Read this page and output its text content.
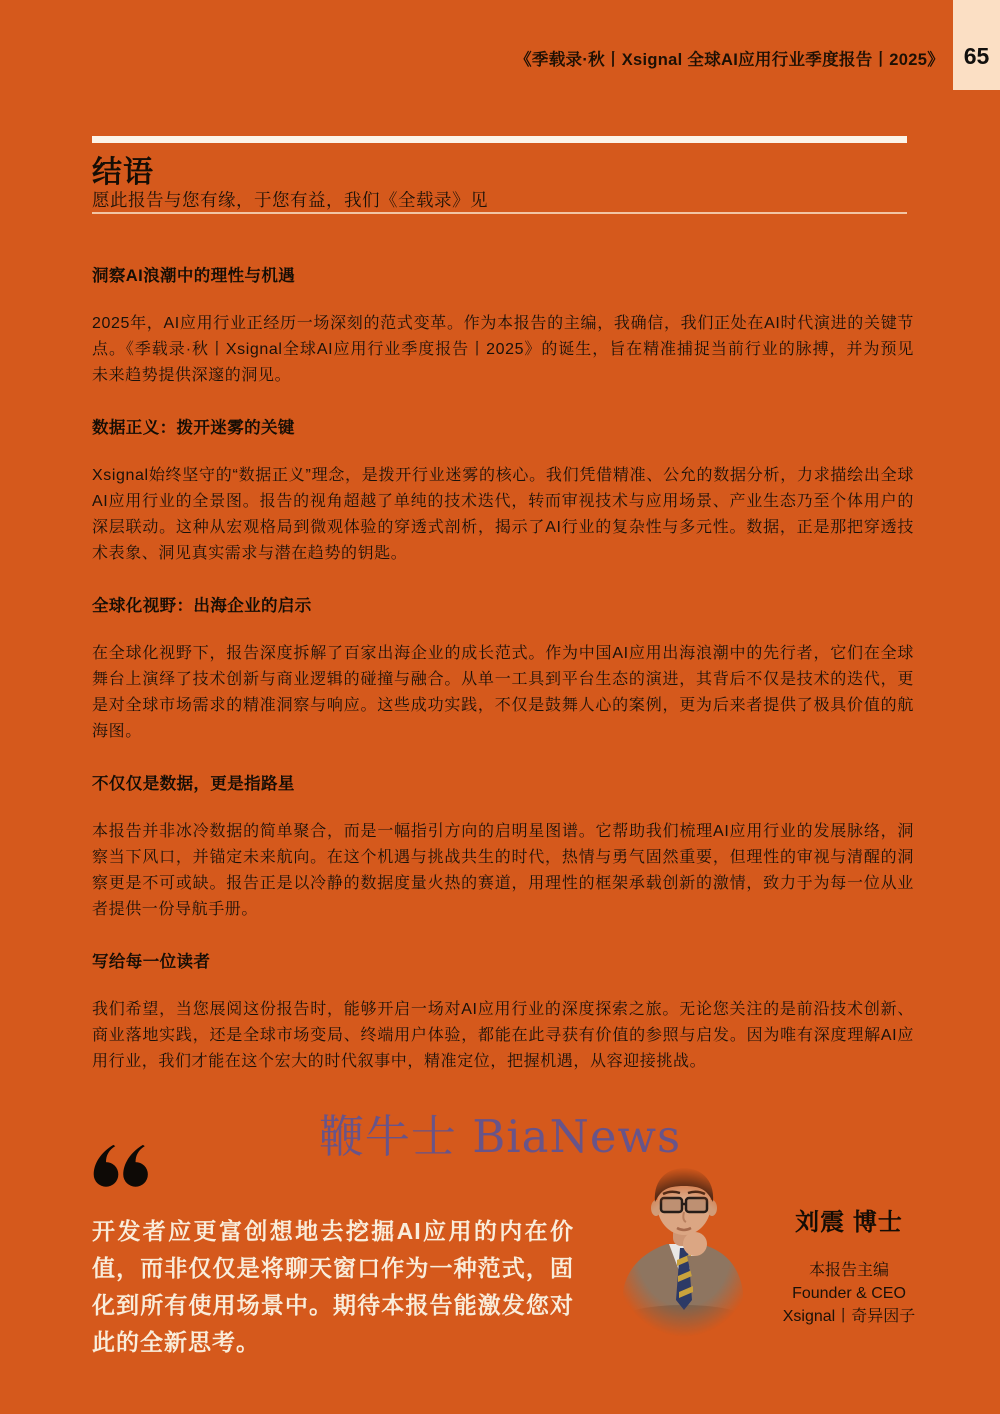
《季载录·秋丨Xsignal 全球AI应用行业季度报告丨2025》 65
结语
愿此报告与您有缘，于您有益，我们《全载录》见
洞察AI浪潮中的理性与机遇

2025年，AI应用行业正经历一场深刻的范式变革。作为本报告的主编，我确信，我们正处在AI时代演进的关键节点。《季载录·秋丨Xsignal全球AI应用行业季度报告丨2025》的诞生，旨在精准捕捉当前行业的脉搏，并为预见未来趋势提供深邃的洞见。

数据正义：拨开迷雾的关键

Xsignal始终坚守的“数据正义”理念，是拨开行业迷雾的核心。我们凭借精准、公允的数据分析，力求描绘出全球AI应用行业的全景图。报告的视角超越了单纯的技术迭代，转而审视技术与应用场景、产业生态乃至个体用户的深层联动。这种从宏观格局到微观体验的穿透式剖析，揭示了AI行业的复杂性与多元性。数据，正是那把穿透技术表象、洞见真实需求与潜在趋势的钥匙。

全球化视野：出海企业的启示

在全球化视野下，报告深度拆解了百家出海企业的成长范式。作为中国AI应用出海浪潮中的先行者，它们在全球舞台上演绎了技术创新与商业逻辑的碰撞与融合。从单一工具到平台生态的演进，其背后不仅是技术的迭代，更是对全球市场需求的精准洞察与响应。这些成功实践，不仅是鼓舞人心的案例，更为后来者提供了极具价值的航海图。

不仅仅是数据，更是指路星

本报告并非冰冷数据的简单聚合，而是一幅指引方向的启明星图谱。它帮助我们梳理AI应用行业的发展脉络，洞察当下风口，并锚定未来航向。在这个机遇与挑战共生的时代，热情与勇气固然重要，但理性的审视与清醒的洞察更是不可或缺。报告正是以冷静的数据度量火热的赛道，用理性的框架承载创新的激情，致力于为每一位从业者提供一份导航手册。

写给每一位读者

我们希望，当您展阅这份报告时，能够开启一场对AI应用行业的深度探索之旅。无论您关注的是前沿技术创新、商业落地实践，还是全球市场变局、终端用户体验，都能在此寻获有价值的参照与启发。因为唯有深度理解AI应用行业，我们才能在这个宏大的时代叙事中，精准定位，把握机遇，从容迎接挑战。

鞭牛士 BiaNews
开发者应更富创想地去挖掘AI应用的内在价值，而非仅仅是将聊天窗口作为一种范式，固化到所有使用场景中。期待本报告能激发您对此的全新思考。
刘震 博士
本报告主编
Founder & CEO
Xsignal丨奇异因子
